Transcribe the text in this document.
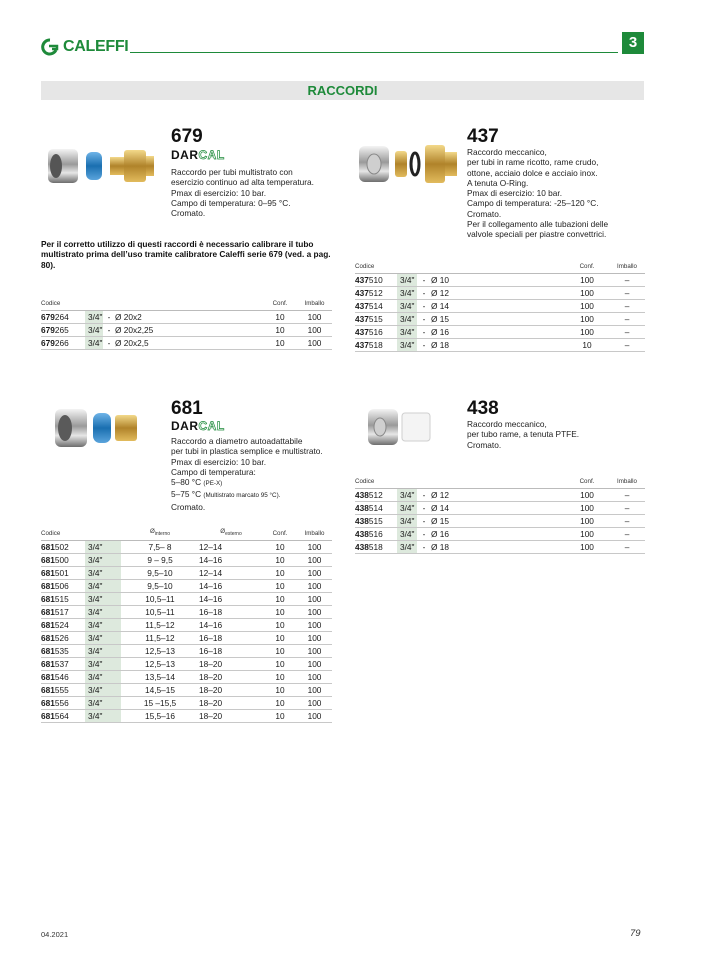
CALEFFI	3
RACCORDI
679
DARCAL
Raccordo per tubi multistrato con
esercizio continuo ad alta temperatura.
Pmax di esercizio: 10 bar.
Campo di temperatura: 0–95 °C.
Cromato.
Per il corretto utilizzo di questi raccordi è necessario calibrare il tubo multistrato prima dell’uso tramite calibratore Caleffi serie 679 (ved. a pag. 80).
Codice				Conf.	Imballo
679264	3/4"	-	Ø 20x2	10	100
679265	3/4"	-	Ø 20x2,25	10	100
679266	3/4"	-	Ø 20x2,5	10	100
437
Raccordo meccanico,
per tubi in rame ricotto, rame crudo,
ottone, acciaio dolce e acciaio inox.
A tenuta O-Ring.
Pmax di esercizio: 10 bar.
Campo di temperatura: -25–120 °C.
Cromato.
Per il collegamento alle tubazioni delle
valvole speciali per piastre convettrici.
Codice				Conf.	Imballo
437510	3/4"	-	Ø 10	100	–
437512	3/4"	-	Ø 12	100	–
437514	3/4"	-	Ø 14	100	–
437515	3/4"	-	Ø 15	100	–
437516	3/4"	-	Ø 16	100	–
437518	3/4"	-	Ø 18	10	–
681
DARCAL
Raccordo a diametro autoadattabile
per tubi in plastica semplice e multistrato.
Pmax di esercizio: 10 bar.
Campo di temperatura:
5–80 °C (PE-X)
5–75 °C (Multistrato marcato 95 °C).
Cromato.
Codice		$Ø_{interno}$	$Ø_{esterno}$	Conf.	Imballo
681502	3/4"	7,5– 8	12–14	10	100
681500	3/4"	9 – 9,5	14–16	10	100
681501	3/4"	9,5–10	12–14	10	100
681506	3/4"	9,5–10	14–16	10	100
681515	3/4"	10,5–11	14–16	10	100
681517	3/4"	10,5–11	16–18	10	100
681524	3/4"	11,5–12	14–16	10	100
681526	3/4"	11,5–12	16–18	10	100
681535	3/4"	12,5–13	16–18	10	100
681537	3/4"	12,5–13	18–20	10	100
681546	3/4"	13,5–14	18–20	10	100
681555	3/4"	14,5–15	18–20	10	100
681556	3/4"	15 –15,5	18–20	10	100
681564	3/4"	15,5–16	18–20	10	100
438
Raccordo meccanico,
per tubo rame, a tenuta PTFE.
Cromato.
Codice				Conf.	Imballo
438512	3/4"	-	Ø 12	100	–
438514	3/4"	-	Ø 14	100	–
438515	3/4"	-	Ø 15	100	–
438516	3/4"	-	Ø 16	100	–
438518	3/4"	-	Ø 18	100	–
04.2021	79
